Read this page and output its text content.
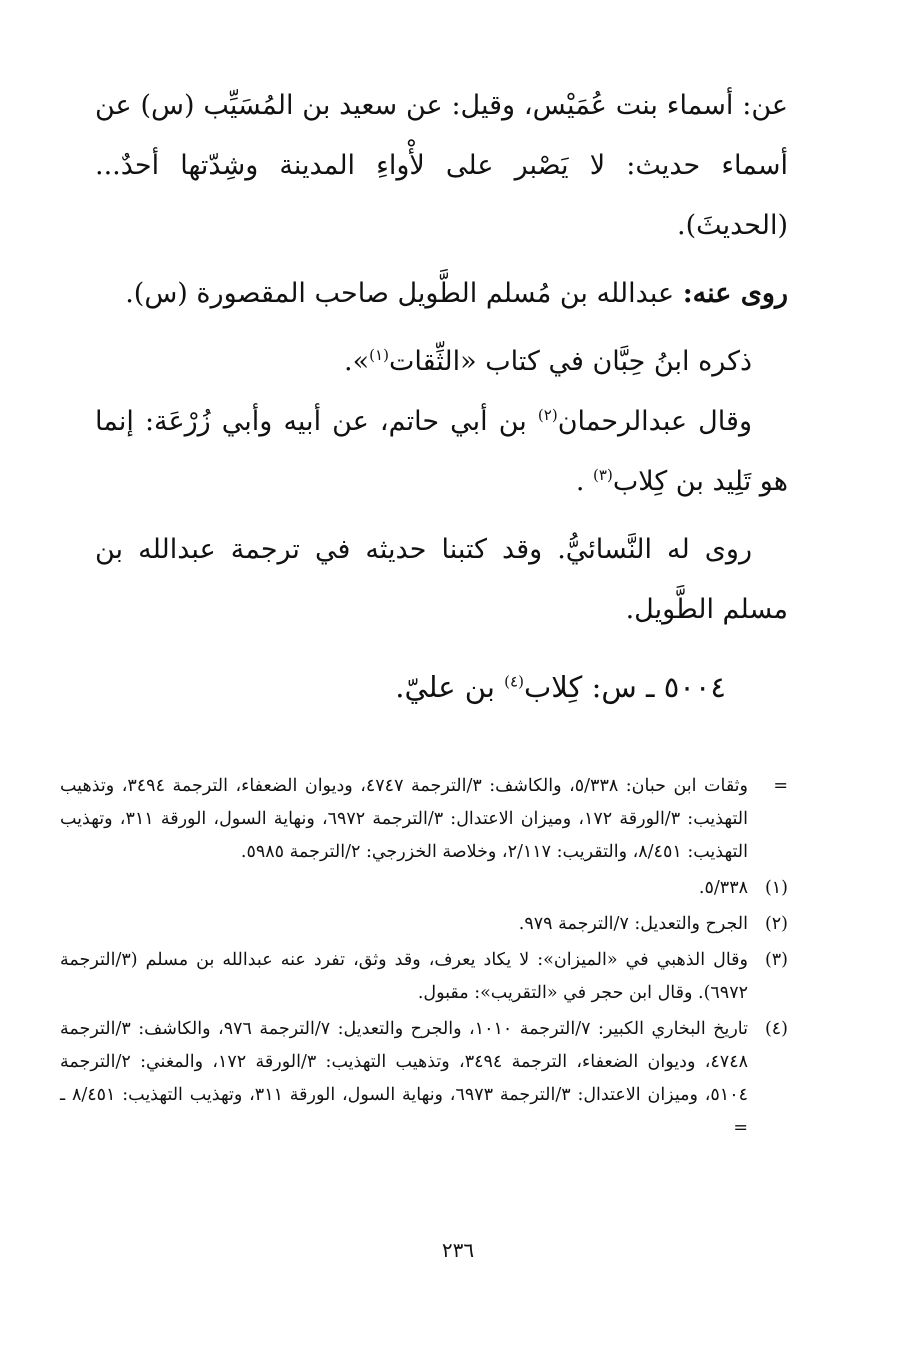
عن: أسماء بنت عُمَيْس، وقيل: عن سعيد بن المُسَيِّب (س) عن أسماء حديث: لا يَصْبر على لأْواءِ المدينة وشِدّتها أحدٌ... (الحديثَ).

روى عنه: عبدالله بن مُسلم الطَّويل صاحب المقصورة (س).

ذكره ابنُ حِبَّان في كتاب «الثِّقات$^{(١)}$».

وقال عبدالرحمان$^{(٢)}$ بن أبي حاتم، عن أبيه وأبي زُرْعَة: إنما هو تَلِيد بن كِلاب$^{(٣)}$ .

روى له النَّسائيُّ. وقد كتبنا حديثه في ترجمة عبدالله بن مسلم الطَّويل.

٥٠٠٤ ـ س: كِلاب$^{(٤)}$ بن عليّ.
=
وثقات ابن حبان: ٥/٣٣٨، والكاشف: ٣/الترجمة ٤٧٤٧، وديوان الضعفاء، الترجمة ٣٤٩٤، وتذهيب التهذيب: ٣/الورقة ١٧٢، وميزان الاعتدال: ٣/الترجمة ٦٩٧٢، ونهاية السول، الورقة ٣١١، وتهذيب التهذيب: ٨/٤٥١، والتقريب: ٢/١١٧، وخلاصة الخزرجي: ٢/الترجمة ٥٩٨٥.
(١)
٥/٣٣٨.
(٢)
الجرح والتعديل: ٧/الترجمة ٩٧٩.
(٣)
وقال الذهبي في «الميزان»: لا يكاد يعرف، وقد وثق، تفرد عنه عبدالله بن مسلم (٣/الترجمة ٦٩٧٢). وقال ابن حجر في «التقريب»: مقبول.
(٤)
تاريخ البخاري الكبير: ٧/الترجمة ١٠١٠، والجرح والتعديل: ٧/الترجمة ٩٧٦، والكاشف: ٣/الترجمة ٤٧٤٨، وديوان الضعفاء، الترجمة ٣٤٩٤، وتذهيب التهذيب: ٣/الورقة ١٧٢، والمغني: ٢/الترجمة ٥١٠٤، وميزان الاعتدال: ٣/الترجمة ٦٩٧٣، ونهاية السول، الورقة ٣١١، وتهذيب التهذيب: ٨/٤٥١ ـ =
٢٣٦
